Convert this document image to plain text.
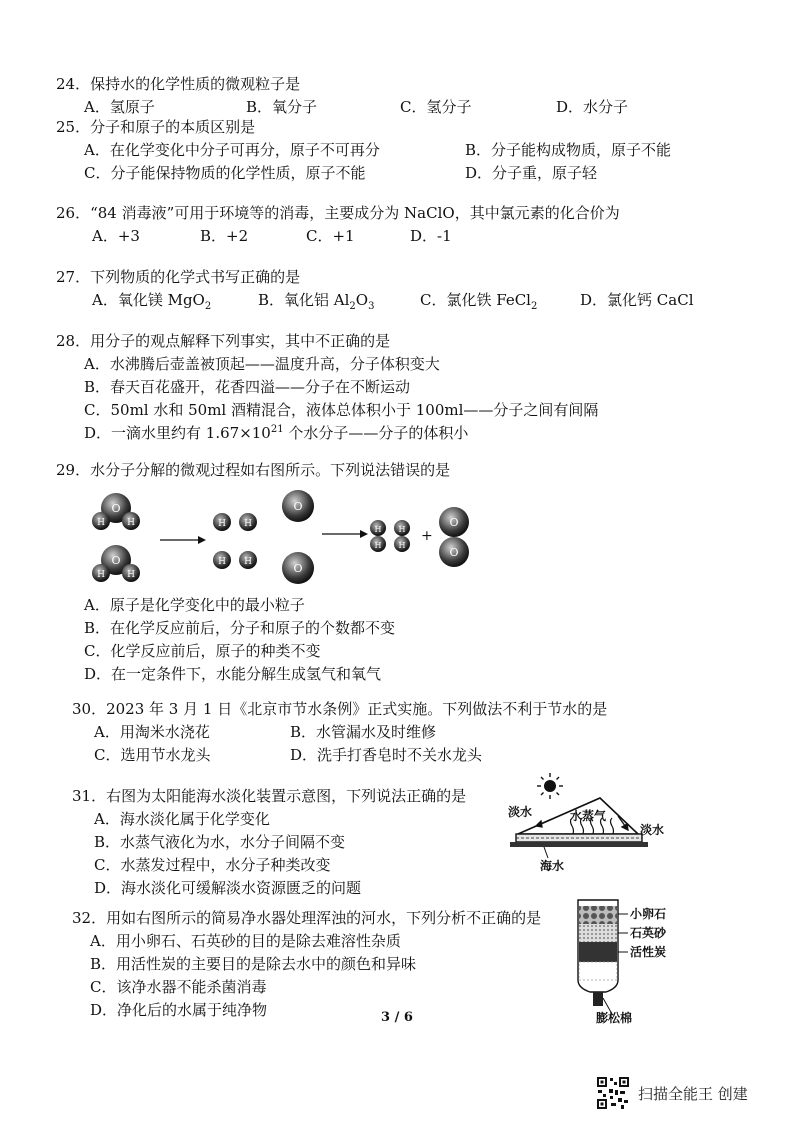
24．保持水的化学性质的微观粒子是
A．氢原子	B．氧分子	C．氢分子	D．水分子
25．分子和原子的本质区别是
A．在化学变化中分子可再分，原子不可再分	B．分子能构成物质，原子不能
C．分子能保持物质的化学性质，原子不能	D．分子重，原子轻
26．“84 消毒液”可用于环境等的消毒，主要成分为 NaClO，其中氯元素的化合价为
A．+3	B．+2	C．+1	D．-1
27．下列物质的化学式书写正确的是
A．氧化镁 MgO$_2$	B．氧化铝 $Al_2O_3$	C．氯化铁 FeCl$_2$	D．氯化钙 CaCl
28．用分子的观点解释下列事实，其中不正确的是
A．水沸腾后壶盖被顶起——温度升高，分子体积变大
B．春天百花盛开，花香四溢——分子在不断运动
C．50ml 水和 50ml 酒精混合，液体总体积小于 100ml——分子之间有间隔
D．一滴水里约有 $1.67\times 10^{21}$ 个水分子——分子的体积小
29．水分子分解的微观过程如右图所示。下列说法错误的是
O
H H
O
H H
H H
H H
O
O
H
H
H
H
+
O
O
A．原子是化学变化中的最小粒子
B．在化学反应前后，分子和原子的个数都不变
C．化学反应前后，原子的种类不变
D．在一定条件下，水能分解生成氢气和氧气
30．2023 年 3 月 1 日《北京市节水条例》正式实施。下列做法不利于节水的是
A．用淘米水浇花	B．水管漏水及时维修
C．选用节水龙头	D．洗手打香皂时不关水龙头
31．右图为太阳能海水淡化装置示意图，下列说法正确的是
A．海水淡化属于化学变化
B．水蒸气液化为水，水分子间隔不变
C．水蒸发过程中，水分子种类改变
D．海水淡化可缓解淡水资源匮乏的问题
淡水	水蒸气
淡水
海水
32．用如右图所示的简易净水器处理浑浊的河水，下列分析不正确的是
A．用小卵石、石英砂的目的是除去难溶性杂质
B．用活性炭的主要目的是除去水中的颜色和异味
C．该净水器不能杀菌消毒
D．净化后的水属于纯净物
小卵石
石英砂
活性炭
膨松棉
3 / 6
扫描全能王 创建
